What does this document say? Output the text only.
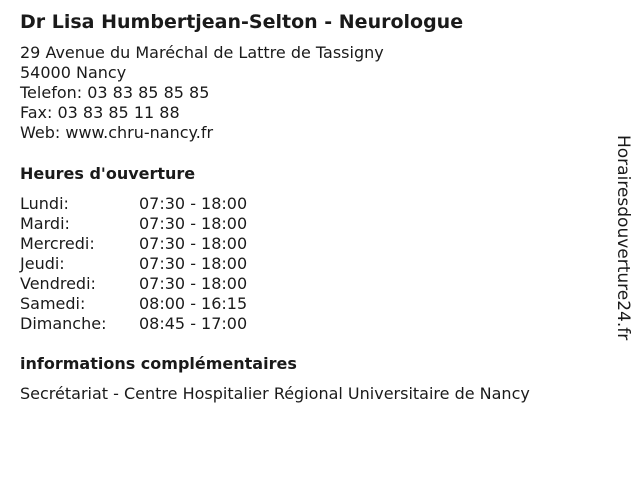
Dr Lisa Humbertjean-Selton - Neurologue
29 Avenue du Maréchal de Lattre de Tassigny
54000 Nancy
Telefon: 03 83 85 85 85
Fax: 03 83 85 11 88
Web: www.chru-nancy.fr
Heures d'ouverture
Lundi:	07:30 - 18:00
Mardi:	07:30 - 18:00
Mercredi:	07:30 - 18:00
Jeudi:	07:30 - 18:00
Vendredi:	07:30 - 18:00
Samedi:	08:00 - 16:15
Dimanche: 08:45 - 17:00
informations complémentaires
Secrétariat - Centre Hospitalier Régional Universitaire de Nancy
Horairesdouverture24.fr
